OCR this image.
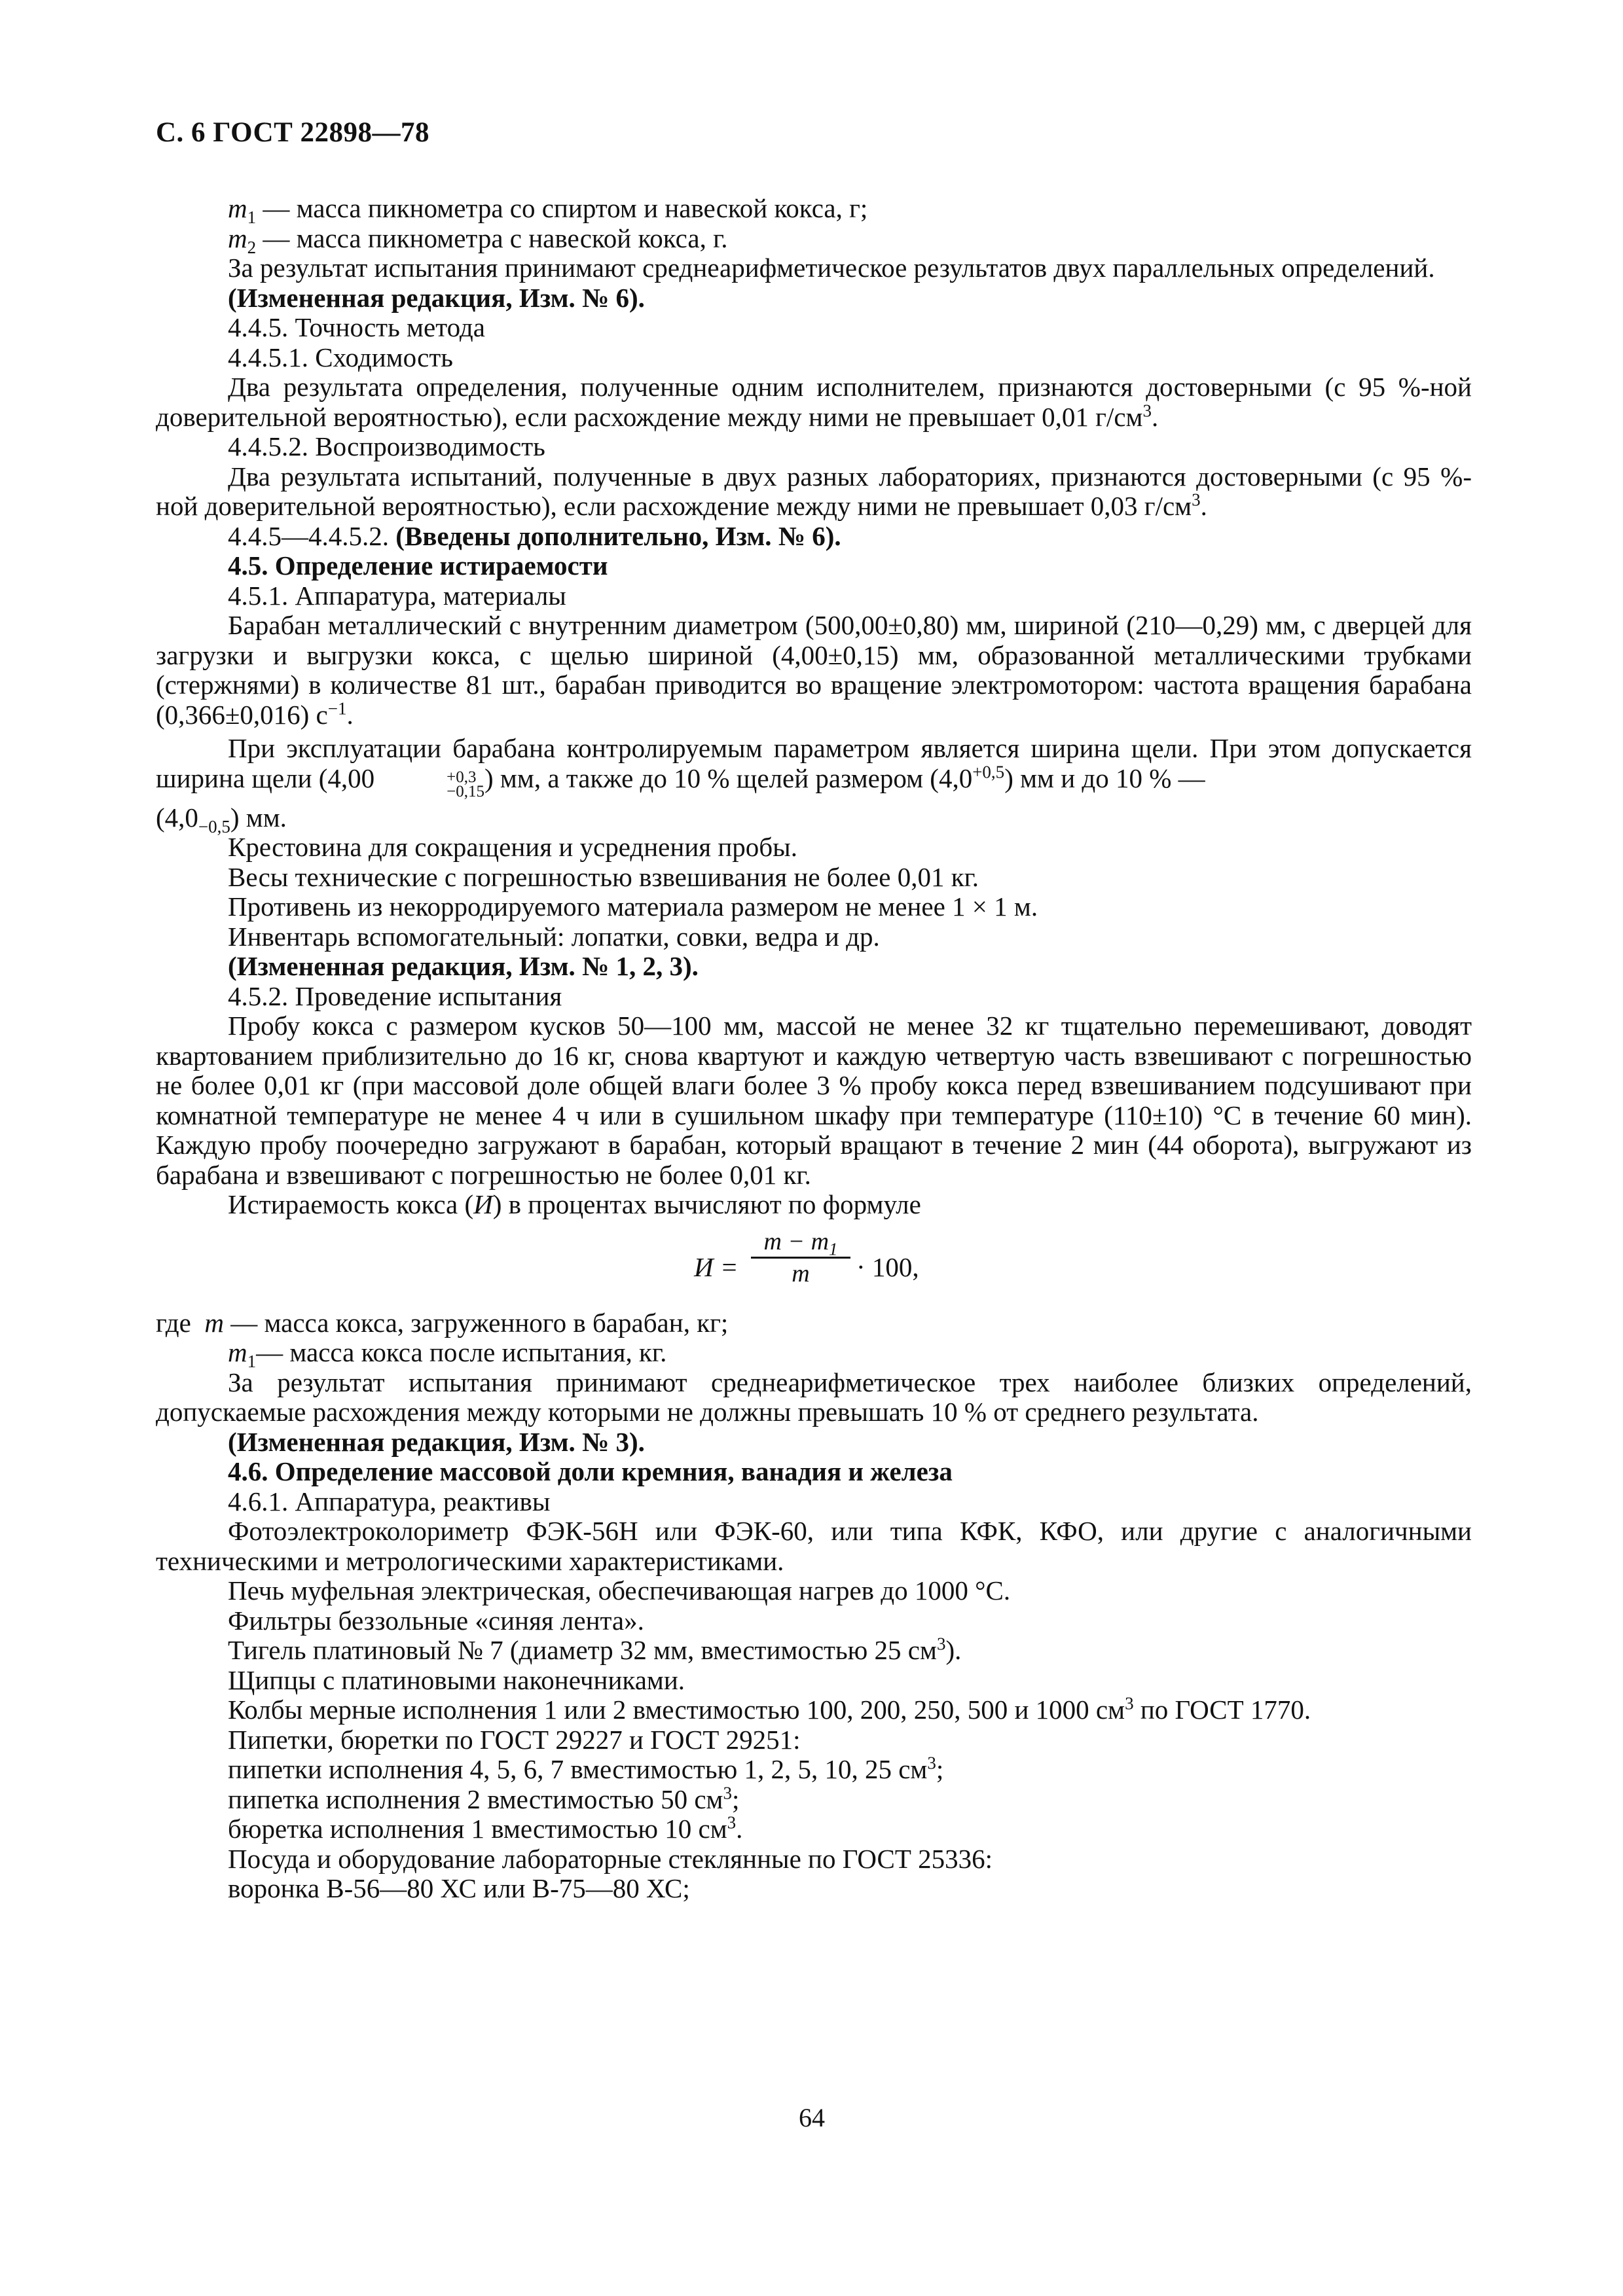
С. 6 ГОСТ 22898—78

$m_1$ — масса пикнометра со спиртом и навеской кокса, г;

$m_2$ — масса пикнометра с навеской кокса, г.

За результат испытания принимают среднеарифметическое результатов двух параллельных определений.

(Измененная редакция, Изм. № 6).

4.4.5. Точность метода

4.4.5.1. Сходимость

Два результата определения, полученные одним исполнителем, признаются достоверными (с 95 %-ной доверительной вероятностью), если расхождение между ними не превышает 0,01 $г/см^3$.

4.4.5.2. Воспроизводимость

Два результата испытаний, полученные в двух разных лабораториях, признаются достоверными (с 95 %-ной доверительной вероятностью), если расхождение между ними не превышает 0,03 $г/см^3$.

4.4.5—4.4.5.2. (Введены дополнительно, Изм. № 6).

4.5. Определение истираемости

4.5.1. Аппаратура, материалы

Барабан металлический с внутренним диаметром (500,00±0,80) мм, шириной (210—0,29) мм, с дверцей для загрузки и выгрузки кокса, с щелью шириной (4,00±0,15) мм, образованной металлическими трубками (стержнями) в количестве 81 шт., барабан приводится во вращение электромотором: частота вращения барабана (0,366±0,016) $с^{-1}$.

При эксплуатации барабана контролируемым параметром является ширина щели. При этом допускается ширина щели (4,00	+0,3
−0,15 ) мм, а также до 10 % щелей размером $(4,0^{+0,5})$ мм и до 10 % —

$(4,0_{-0,5})$ мм.

Крестовина для сокращения и усреднения пробы.

Весы технические с погрешностью взвешивания не более 0,01 кг.

Противень из некорродируемого материала размером не менее 1 × 1 м.

Инвентарь вспомогательный: лопатки, совки, ведра и др.

(Измененная редакция, Изм. № 1, 2, 3).

4.5.2. Проведение испытания

Пробу кокса с размером кусков 50—100 мм, массой не менее 32 кг тщательно перемешивают, доводят квартованием приблизительно до 16 кг, снова квартуют и каждую четвертую часть взвешивают с погрешностью не более 0,01 кг (при массовой доле общей влаги более 3 % пробу кокса перед взвешиванием подсушивают при комнатной температуре не менее 4 ч или в сушильном шкафу при температуре (110±10) °С в течение 60 мин). Каждую пробу поочередно загружают в барабан, который вращают в течение 2 мин (44 оборота), выгружают из барабана и взвешивают с погрешностью не более 0,01 кг.

Истираемость кокса (И) в процентах вычисляют по формуле

И =
$m - m_1$
m	· 100,

где m — масса кокса, загруженного в барабан, кг;

$m_1—$ масса кокса после испытания, кг.

За результат испытания принимают среднеарифметическое трех наиболее близких определений, допускаемые расхождения между которыми не должны превышать 10 % от среднего результата.

(Измененная редакция, Изм. № 3).

4.6. Определение массовой доли кремния, ванадия и железа

4.6.1. Аппаратура, реактивы

Фотоэлектроколориметр ФЭК-56Н или ФЭК-60, или типа КФК, КФО, или другие с аналогичными техническими и метрологическими характеристиками.

Печь муфельная электрическая, обеспечивающая нагрев до 1000 °С.

Фильтры беззольные «синяя лента».

Тигель платиновый № 7 (диаметр 32 мм, вместимостью 25 $см^3$).

Щипцы с платиновыми наконечниками.

Колбы мерные исполнения 1 или 2 вместимостью 100, 200, 250, 500 и 1000 $см^3$ по ГОСТ 1770.

Пипетки, бюретки по ГОСТ 29227 и ГОСТ 29251:

пипетки исполнения 4, 5, 6, 7 вместимостью 1, 2, 5, 10, 25 $см^3$;

пипетка исполнения 2 вместимостью 50 $см^3$;

бюретка исполнения 1 вместимостью 10 $см^3$.

Посуда и оборудование лабораторные стеклянные по ГОСТ 25336:

воронка В-56—80 ХС или В-75—80 ХС;

64
